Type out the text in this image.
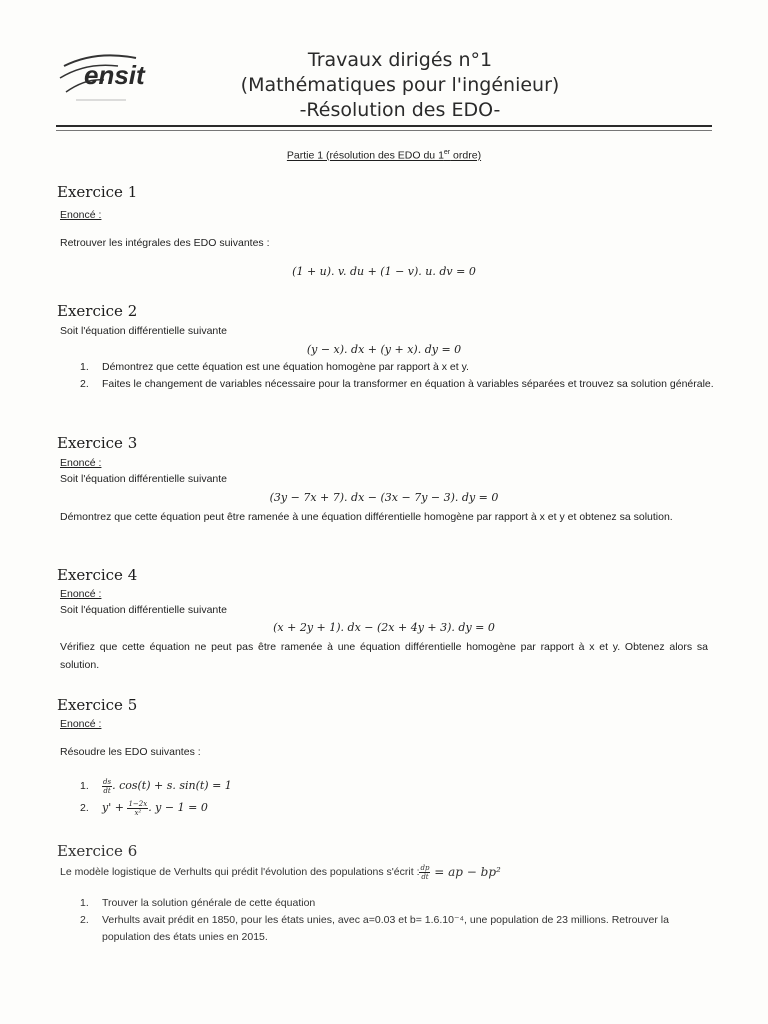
ensit	Travaux dirigés n°1
(Mathématiques pour l'ingénieur)
-Résolution des EDO-
Partie 1 (résolution des EDO du 1er ordre)
Exercice 1
Enoncé :
Retrouver les intégrales des EDO suivantes :
(1 + u). v. du + (1 − v). u. dv = 0
Exercice 2
Soit l'équation différentielle suivante
(y − x). dx + (y + x). dy = 0
1.	Démontrez que cette équation est une équation homogène par rapport à x et y.
2.	Faites le changement de variables nécessaire pour la transformer en équation à variables séparées et trouvez sa solution générale.
Exercice 3
Enoncé :
Soit l'équation différentielle suivante
(3y − 7x + 7). dx − (3x − 7y − 3). dy = 0
Démontrez que cette équation peut être ramenée à une équation différentielle homogène par rapport à x et y et obtenez sa solution.
Exercice 4
Enoncé :
Soit l'équation différentielle suivante
(x + 2y + 1). dx − (2x + 4y + 3). dy = 0
Vérifiez que cette équation ne peut pas être ramenée à une équation différentielle homogène par rapport à x et y. Obtenez alors sa solution.
Exercice 5
Enoncé :
Résoudre les EDO suivantes :
1.	$\frac{ds}{dt}$ . cos(t) + s. sin(t) = 1
2.	$y' + \frac{1-2x}{\text{x²}}$ . y − 1 = 0
Exercice 6
Le modèle logistique de Verhults qui prédit l'évolution des populations s'écrit : $\frac{dp}{dt}$ = ap − bp²
1.	Trouver la solution générale de cette équation
2.	Verhults avait prédit en 1850, pour les états unies, avec a=0.03 et b= 1.6.10⁻⁴, une population de 23 millions. Retrouver la population des états unies en 2015.
